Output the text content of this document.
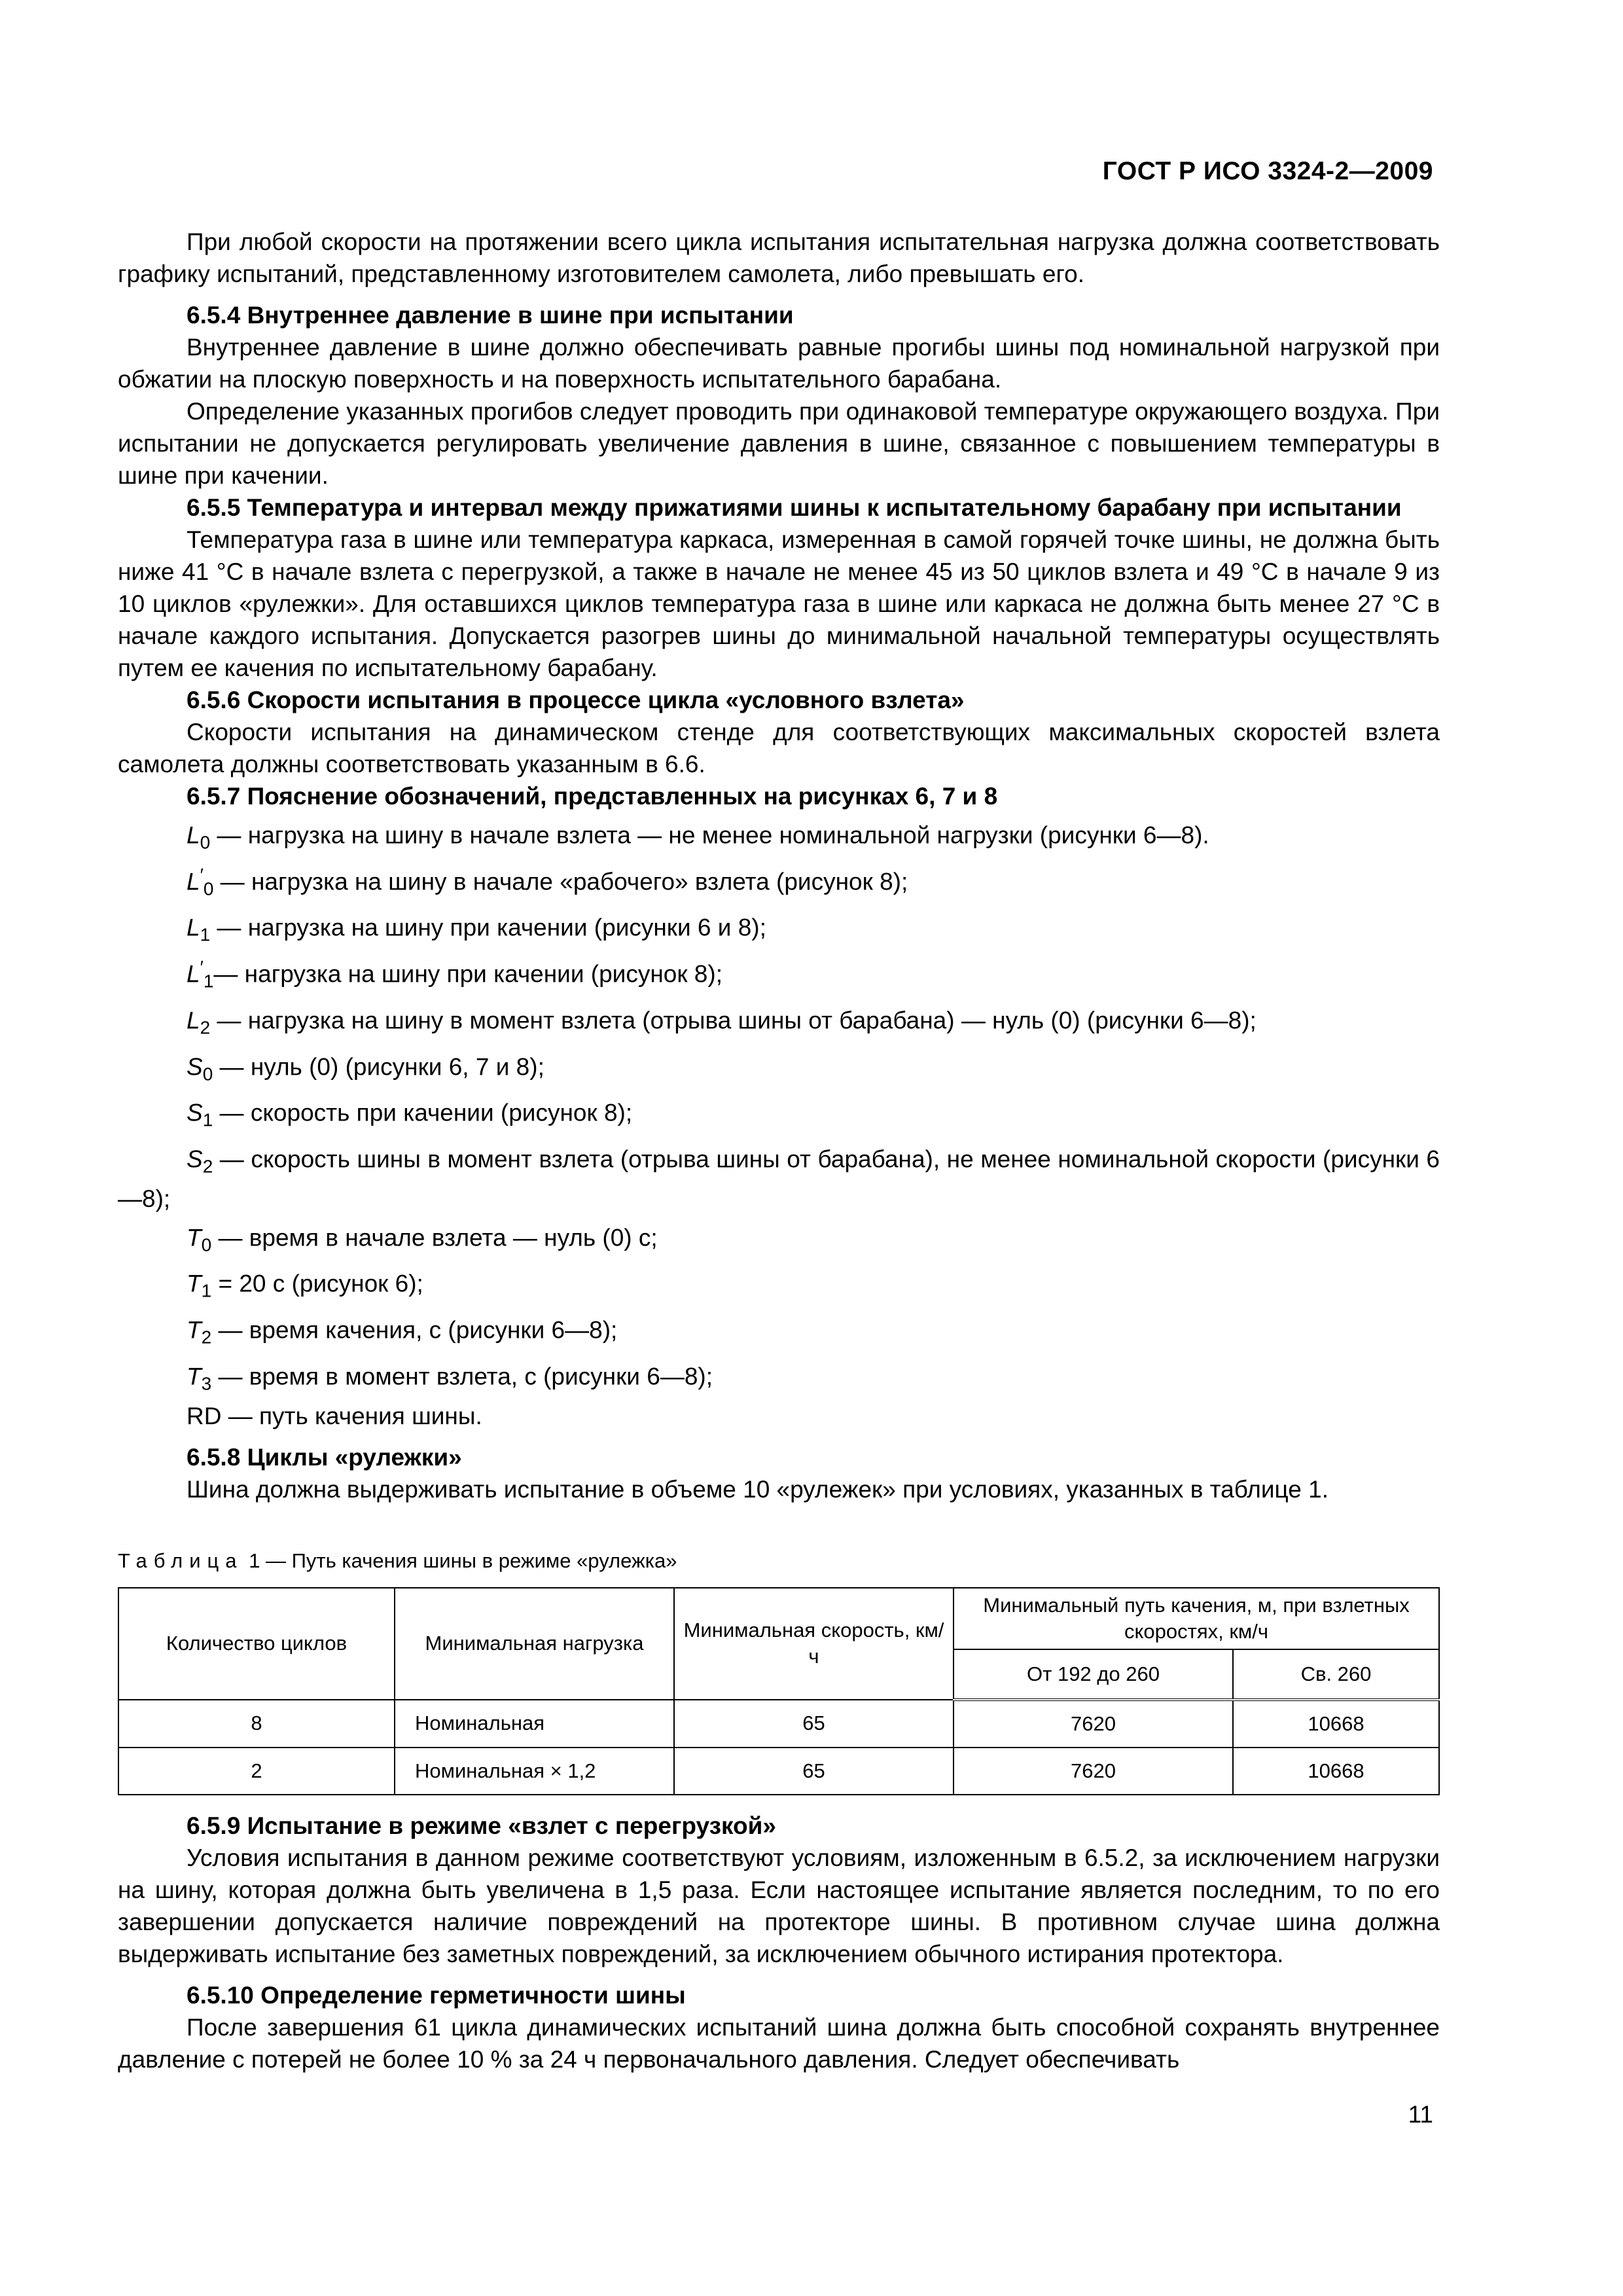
ГОСТ Р ИСО 3324-2—2009

При любой скорости на протяжении всего цикла испытания испытательная нагрузка должна соответствовать графику испытаний, представленному изготовителем самолета, либо превышать его.

6.5.4 Внутреннее давление в шине при испытании

Внутреннее давление в шине должно обеспечивать равные прогибы шины под номинальной нагрузкой при обжатии на плоскую поверхность и на поверхность испытательного барабана.

Определение указанных прогибов следует проводить при одинаковой температуре окружающего воздуха. При испытании не допускается регулировать увеличение давления в шине, связанное с повышением температуры в шине при качении.

6.5.5 Температура и интервал между прижатиями шины к испытательному барабану при испытании

Температура газа в шине или температура каркаса, измеренная в самой горячей точке шины, не должна быть ниже 41 °С в начале взлета с перегрузкой, а также в начале не менее 45 из 50 циклов взлета и 49 °С в начале 9 из 10 циклов «рулежки». Для оставшихся циклов температура газа в шине или каркаса не должна быть менее 27 °С в начале каждого испытания. Допускается разогрев шины до минимальной начальной температуры осуществлять путем ее качения по испытательному барабану.

6.5.6 Скорости испытания в процессе цикла «условного взлета»

Скорости испытания на динамическом стенде для соответствующих максимальных скоростей взлета самолета должны соответствовать указанным в 6.6.

6.5.7 Пояснение обозначений, представленных на рисунках 6, 7 и 8

$L_0$ — нагрузка на шину в начале взлета — не менее номинальной нагрузки (рисунки 6—8).

$L'_0$ — нагрузка на шину в начале «рабочего» взлета (рисунок 8);

$L_1$ — нагрузка на шину при качении (рисунки 6 и 8);

$L'_1—$ нагрузка на шину при качении (рисунок 8);

$L_2$ — нагрузка на шину в момент взлета (отрыва шины от барабана) — нуль (0) (рисунки 6—8);

$S_0$ — нуль (0) (рисунки 6, 7 и 8);

$S_1$ — скорость при качении (рисунок 8);

$S_2$ — скорость шины в момент взлета (отрыва шины от барабана), не менее номинальной скорости (рисунки 6—8);

$T_0$ — время в начале взлета — нуль (0) с;

$T_1 = 20$ с (рисунок 6);

$T_2$ — время качения, с (рисунки 6—8);

$T_3$ — время в момент взлета, с (рисунки 6—8);

RD — путь качения шины.

6.5.8 Циклы «рулежки»

Шина должна выдерживать испытание в объеме 10 «рулежек» при условиях, указанных в таблице 1.

Таблица 1 — Путь качения шины в режиме «рулежка»
Количество циклов	Минимальная нагрузка	Минимальная скорость, км/ч	Минимальный путь качения, м, при взлетных скоростях, км/ч	
			От 192 до 260	Св. 260
8	Номинальная	65	7620	10668
2	Номинальная × 1,2	65	7620	10668

6.5.9 Испытание в режиме «взлет с перегрузкой»

Условия испытания в данном режиме соответствуют условиям, изложенным в 6.5.2, за исключением нагрузки на шину, которая должна быть увеличена в 1,5 раза. Если настоящее испытание является последним, то по его завершении допускается наличие повреждений на протекторе шины. В противном случае шина должна выдерживать испытание без заметных повреждений, за исключением обычного истирания протектора.

6.5.10 Определение герметичности шины

После завершения 61 цикла динамических испытаний шина должна быть способной сохранять внутреннее давление с потерей не более 10 % за 24 ч первоначального давления. Следует обеспечивать

11
